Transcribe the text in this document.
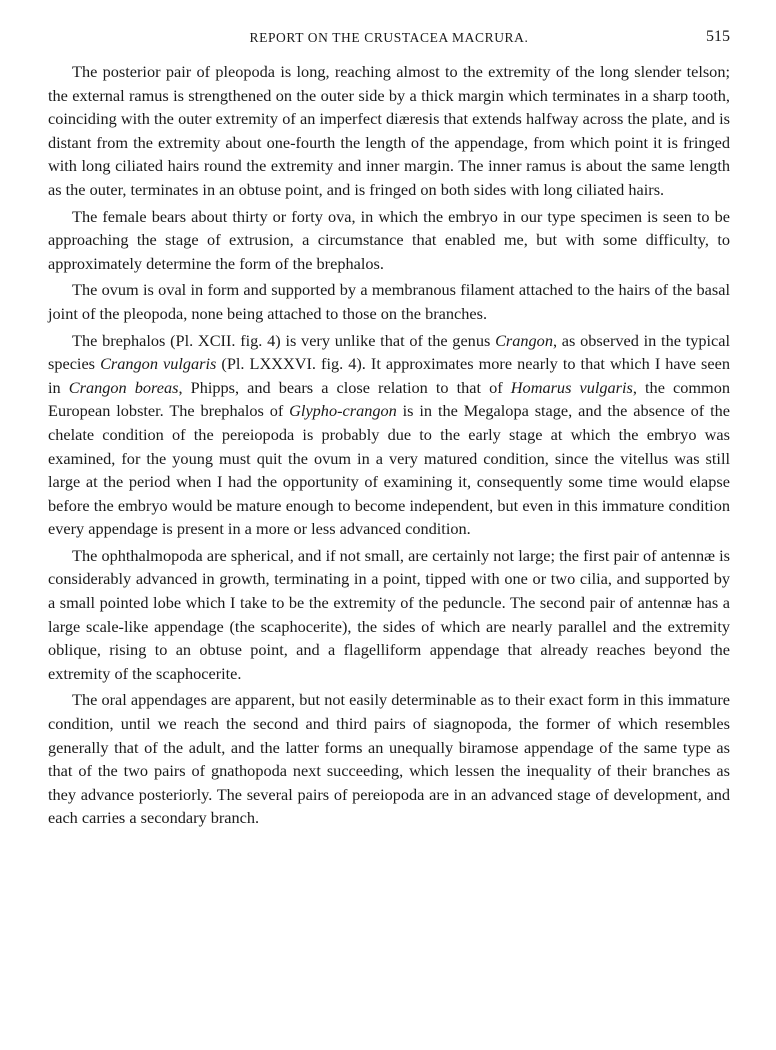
REPORT ON THE CRUSTACEA MACRURA.	515

The posterior pair of pleopoda is long, reaching almost to the extremity of the long slender telson; the external ramus is strengthened on the outer side by a thick margin which terminates in a sharp tooth, coinciding with the outer extremity of an imperfect diæresis that extends halfway across the plate, and is distant from the extremity about one-fourth the length of the appendage, from which point it is fringed with long ciliated hairs round the extremity and inner margin. The inner ramus is about the same length as the outer, terminates in an obtuse point, and is fringed on both sides with long ciliated hairs.

The female bears about thirty or forty ova, in which the embryo in our type specimen is seen to be approaching the stage of extrusion, a circumstance that enabled me, but with some difficulty, to approximately determine the form of the brephalos.

The ovum is oval in form and supported by a membranous filament attached to the hairs of the basal joint of the pleopoda, none being attached to those on the branches.

The brephalos (Pl. XCII. fig. 4) is very unlike that of the genus Crangon, as observed in the typical species Crangon vulgaris (Pl. LXXXVI. fig. 4). It approximates more nearly to that which I have seen in Crangon boreas, Phipps, and bears a close relation to that of Homarus vulgaris, the common European lobster. The brephalos of Glypho-crangon is in the Megalopa stage, and the absence of the chelate condition of the pereiopoda is probably due to the early stage at which the embryo was examined, for the young must quit the ovum in a very matured condition, since the vitellus was still large at the period when I had the opportunity of examining it, consequently some time would elapse before the embryo would be mature enough to become independent, but even in this immature condition every appendage is present in a more or less advanced condition.

The ophthalmopoda are spherical, and if not small, are certainly not large; the first pair of antennæ is considerably advanced in growth, terminating in a point, tipped with one or two cilia, and supported by a small pointed lobe which I take to be the extremity of the peduncle. The second pair of antennæ has a large scale-like appendage (the scaphocerite), the sides of which are nearly parallel and the extremity oblique, rising to an obtuse point, and a flagelliform appendage that already reaches beyond the extremity of the scaphocerite.

The oral appendages are apparent, but not easily determinable as to their exact form in this immature condition, until we reach the second and third pairs of siagnopoda, the former of which resembles generally that of the adult, and the latter forms an unequally biramose appendage of the same type as that of the two pairs of gnathopoda next succeeding, which lessen the inequality of their branches as they advance posteriorly. The several pairs of pereiopoda are in an advanced stage of development, and each carries a secondary branch.
